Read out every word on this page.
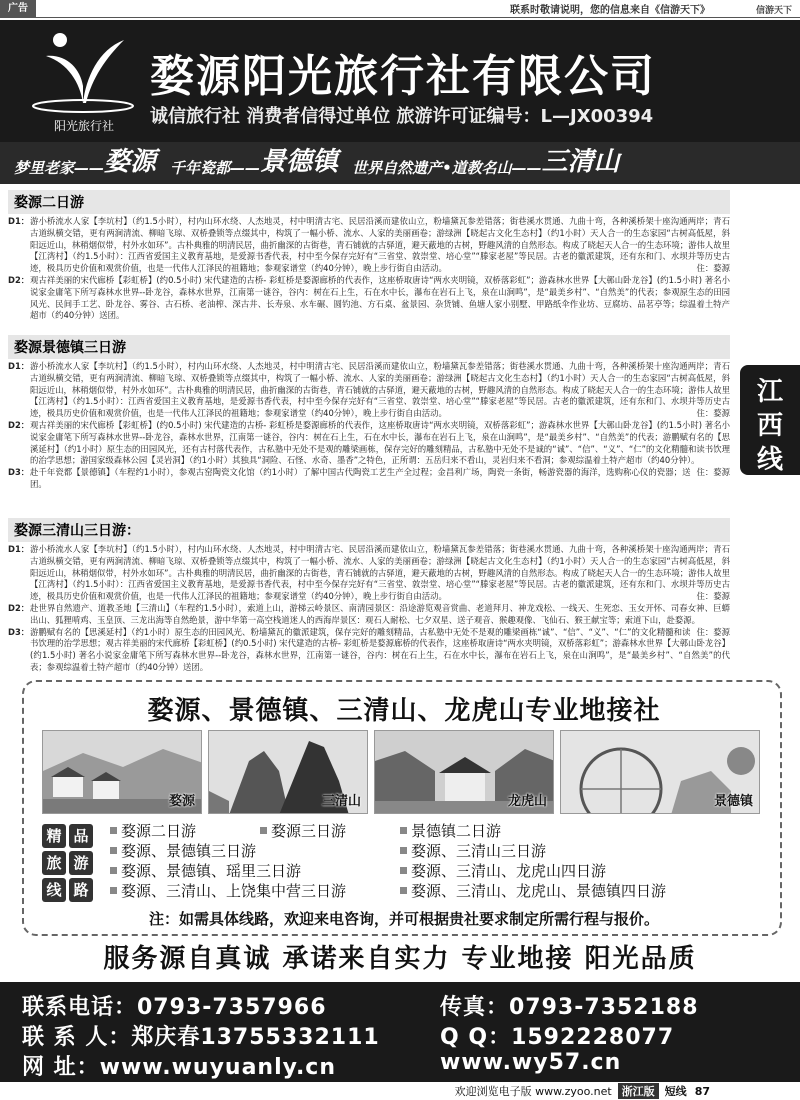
广告	联系时敬请说明，您的信息来自《信游天下》	信游天下
阳光旅行社
婺源阳光旅行社有限公司
诚信旅行社 消费者信得过单位 旅游许可证编号：L—JX00394
梦里老家—— 婺源 千年瓷都—— 景德镇 世界自然遗产•道教名山—— 三清山
江
西
线
婺源二日游
D1： 游小桥流水人家【李坑村】（约1.5小时），村内山环水绕、人杰地灵，村中明清古宅、民居沿溪而建依山立，粉墙黛瓦参差错落；街巷溪水贯通、九曲十弯，各种溪桥架十座沟通两岸；青石古道纵横交错，更有两涧清流、柳暗飞琼、双桥叠锁等点缀其中，构筑了一幅小桥、流水、人家的美丽画卷；游绿洲【晓起古文化生态村】（约1小时）天人合一的生态家园“古树高低屋，斜阳远近山，林稍烟似带，村外水如环”。古朴典雅的明清民居，曲折幽深的古街巷，青石铺就的古驿道，避天蔽地的古树，野趣风清的自然形态。构成了晓起天人合一的生态环境；游伟人故里【江湾村】（约1.5小时）：江西省爱国主义教育基地，是爱源书香代表，村中至今保存完好有“三省堂、敦崇堂、培心堂”“滕家老屋”等民居。古老的徽派建筑，还有东和门、水坝并等历史古迹，极具历史价值和观赏价值，也是一代伟人江泽民的祖籍地；参观家谱堂（约40分钟），晚上步行街自由活动。	住：婺源
D2： 观古祥美丽的宋代廊桥【彩虹桥】(约0.5小时) 宋代建造的古桥- 彩虹桥是婺源廊桥的代表作，这座桥取唐诗“两水夹明镜，双桥落彩虹”；游森林水世界【大鄣山卧龙谷】(约1.5小时) 著名小说家金庸笔下所写森林水世界--卧龙谷，森林水世界，江南第一谜谷，谷内：树在石上生，石在水中长，瀑布在岩石上飞，泉在山涧鸣”，是“最美乡村”、“自然美”的代表；参观原生态的田园风光、民间手工艺、卧龙谷、雾谷、古石桥、老油榨、深古井、长寿泉、水车碾、圆钓池、方石桌、盆景园、杂货铺、鱼塘人家小别墅、甲路纸伞作业坊、豆腐坊、品茗亭等；综温着土特产超市（约40分钟）送团。
婺源景德镇三日游
D1： 游小桥流水人家【李坑村】（约1.5小时），村内山环水绕、人杰地灵，村中明清古宅、民居沿溪而建依山立，粉墙黛瓦参差错落；街巷溪水贯通、九曲十弯，各种溪桥架十座沟通两岸；青石古道纵横交错，更有两涧清流、柳暗飞琼、双桥叠锁等点缀其中，构筑了一幅小桥、流水、人家的美丽画卷；游绿洲【晓起古文化生态村】（约1小时）天人合一的生态家园“古树高低屋，斜阳远近山，林稍烟似带，村外水如环”。古朴典雅的明清民居，曲折幽深的古街巷，青石铺就的古驿道，避天蔽地的古树，野趣风清的自然形态。构成了晓起天人合一的生态环境；游伟人故里【江湾村】（约1.5小时）：江西省爱国主义教育基地，是爱源书香代表，村中至今保存完好有“三省堂、敦崇堂、培心堂”“滕家老屋”等民居。古老的徽派建筑，还有东和门、水坝并等历史古迹，极具历史价值和观赏价值，也是一代伟人江泽民的祖籍地；参观家谱堂（约40分钟），晚上步行街自由活动。	住：婺源
D2： 观古祥美丽的宋代廊桥【彩虹桥】(约0.5小时) 宋代建造的古桥- 彩虹桥是婺源廊桥的代表作，这座桥取唐诗“两水夹明镜，双桥落彩虹”；游森林水世界【大鄣山卧龙谷】(约1.5小时) 著名小说家金庸笔下所写森林水世界--卧龙谷，森林水世界，江南第一谜谷，谷内：树在石上生，石在水中长，瀑布在岩石上飞，泉在山涧鸣”，是“最美乡村”、“自然美”的代表；游鹏赋有名的【思溪延村】（约1小时）原生态的田园风光，还有古村落代表作，古私塾中无处不是观的雕梁画栋，保存完好的雕刻精品，古私塾中无处不是诚的“诚”、“信”、“义”、“仁”的文化精髓和读书饮理的治学思想；游国家级森林公园【灵岩洞】（约1小时）其独具“洞险、石怪、水奇、墨香”之特色，正所谓：五岳归来不看山，灵岩归来不看洞；参观综温着土特产超市（约40分钟）。
住：婺源
D3： 赴千年瓷都【景德镇】（车程约1小时），参观古窑陶瓷文化馆（约1小时）了解中国古代陶瓷工艺生产全过程；金昌利广场，陶瓷一条街，畅游瓷器的海洋，选购称心仪的瓷器；送团。
婺源三清山三日游：
D1： 游小桥流水人家【李坑村】（约1.5小时），村内山环水绕、人杰地灵，村中明清古宅、民居沿溪而建依山立，粉墙黛瓦参差错落；街巷溪水贯通、九曲十弯，各种溪桥架十座沟通两岸；青石古道纵横交错，更有两涧清流、柳暗飞琼、双桥叠锁等点缀其中，构筑了一幅小桥、流水、人家的美丽画卷；游绿洲【晓起古文化生态村】（约1小时）天人合一的生态家园“古树高低屋，斜阳远近山，林稍烟似带，村外水如环”。古朴典雅的明清民居，曲折幽深的古街巷，青石铺就的古驿道，避天蔽地的古树，野趣风清的自然形态。构成了晓起天人合一的生态环境；游伟人故里【江湾村】（约1.5小时）：江西省爱国主义教育基地，是爱源书香代表，村中至今保存完好有“三省堂、敦崇堂、培心堂”“滕家老屋”等民居。古老的徽派建筑，还有东和门、水坝并等历史古迹，极具历史价值和观赏价值，也是一代伟人江泽民的祖籍地；参观家谱堂（约40分钟），晚上步行街自由活动。	住：婺源
D2： 赴世界自然遗产、道教圣地【三清山】（车程约1.5小时），索道上山，游梯云岭景区、南清园景区：沿途游览观音赏曲、老道拜月、神龙戏松、一线天、生死恋、玉女开怀、司春女神、巨蟒出山、狐狸啃鸡、玉皇顶、三龙出海等自然绝景，游中华第一高空栈道迷人的西海岸景区：观石人耐松、七夕双星、送子观音、猴趣观像、飞仙石、猴王献宝等；索道下山，赴婺源。
住：婺源
D3： 游鹏赋有名的【思溪延村】（约1小时）原生态的田园风光、粉墙黛瓦的徽派建筑，保存完好的雕刻精品，古私塾中无处不是观的雕梁画栋“诚”、“信”、“义”、“仁”的文化精髓和读书饮理的治学思想；观古祥美丽的宋代廊桥【彩虹桥】(约0.5小时) 宋代建造的古桥- 彩虹桥是婺源廊桥的代表作，这座桥取唐诗“两水夹明镜，双桥落彩虹”；游森林水世界【大鄣山卧龙谷】(约1.5小时) 著名小说家金庸笔下所写森林水世界--卧龙谷，森林水世界，江南第一谜谷，谷内：树在石上生，石在水中长，瀑布在岩石上飞，泉在山涧鸣”，是“最美乡村”、“自然美”的代表；参观综温着土特产超市（约40分钟）送团。
婺源、景德镇、三清山、龙虎山专业地接社
婺源	三清山	龙虎山	景德镇
精 品
旅 游
线 路
婺源二日游	婺源三日游	景德镇二日游
婺源、景德镇三日游	婺源、三清山三日游
婺源、景德镇、瑶里三日游	婺源、三清山、龙虎山四日游
婺源、三清山、上饶集中营三日游	婺源、三清山、龙虎山、景德镇四日游
注：如需具体线路，欢迎来电咨询，并可根据贵社要求制定所需行程与报价。
服务源自真诚 承诺来自实力 专业地接 阳光品质
联系电话：0793-7357966	传真：0793-7352188
联 系 人：郑庆春13755332111	Q Q：1592228077
网 址：www.wuyuanly.cn	www.wy57.cn
欢迎浏览电子版 www.zyoo.net 浙江版 短线 87
